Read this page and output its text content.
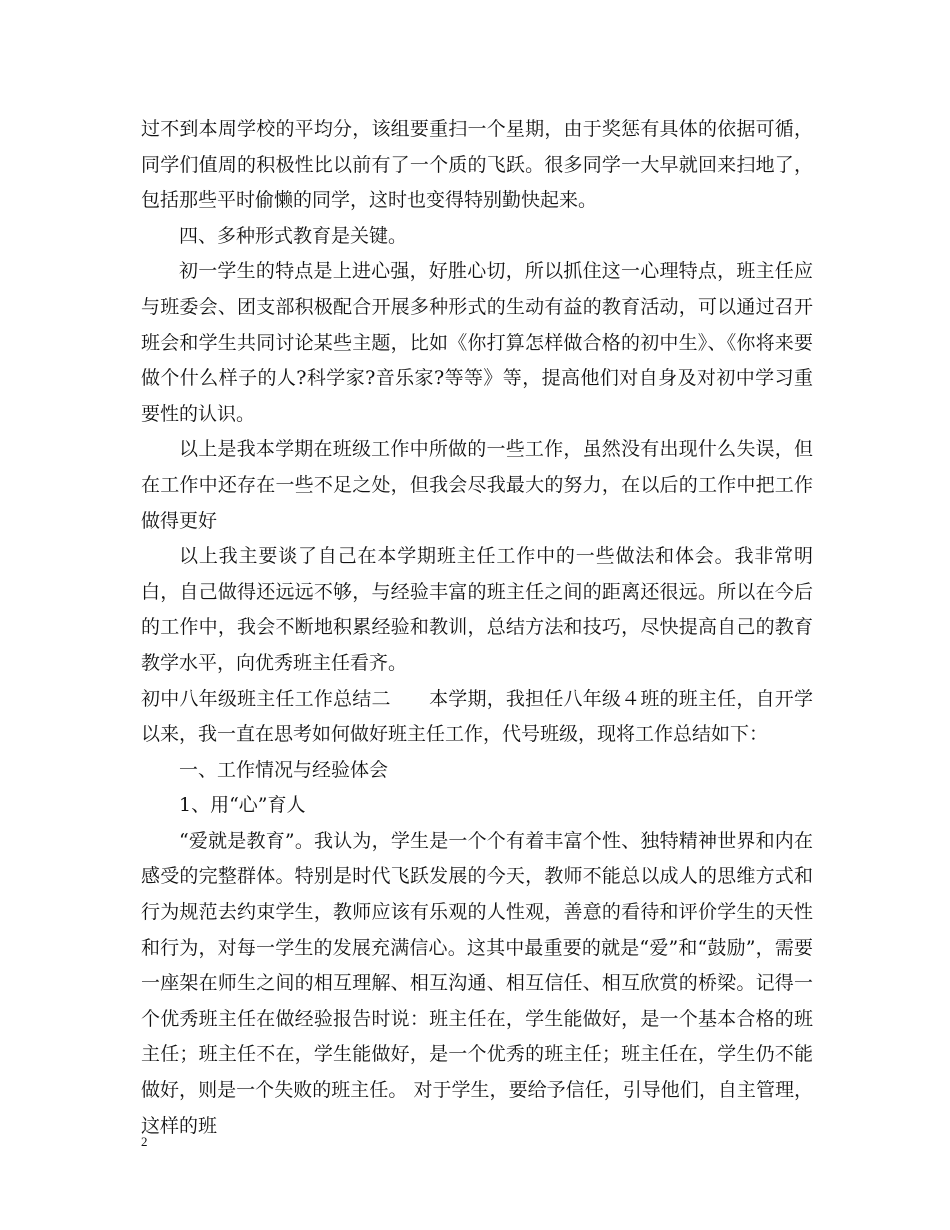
过不到本周学校的平均分，该组要重扫一个星期，由于奖惩有具体的依据可循，同学们值周的积极性比以前有了一个质的飞跃。很多同学一大早就回来扫地了，包括那些平时偷懒的同学，这时也变得特别勤快起来。

四、多种形式教育是关键。

初一学生的特点是上进心强，好胜心切，所以抓住这一心理特点，班主任应与班委会、团支部积极配合开展多种形式的生动有益的教育活动，可以通过召开班会和学生共同讨论某些主题，比如《你打算怎样做合格的初中生》、《你将来要做个什么样子的人?科学家?音乐家?等等》等，提高他们对自身及对初中学习重要性的认识。

以上是我本学期在班级工作中所做的一些工作，虽然没有出现什么失误，但在工作中还存在一些不足之处，但我会尽我最大的努力，在以后的工作中把工作做得更好

以上我主要谈了自己在本学期班主任工作中的一些做法和体会。我非常明白，自己做得还远远不够，与经验丰富的班主任之间的距离还很远。所以在今后的工作中，我会不断地积累经验和教训，总结方法和技巧，尽快提高自己的教育教学水平，向优秀班主任看齐。

初中八年级班主任工作总结二　　本学期，我担任八年级４班的班主任，自开学以来，我一直在思考如何做好班主任工作，代号班级，现将工作总结如下：

一、工作情况与经验体会

1、用“心”育人

“爱就是教育”。我认为，学生是一个个有着丰富个性、独特精神世界和内在感受的完整群体。特别是时代飞跃发展的今天，教师不能总以成人的思维方式和行为规范去约束学生，教师应该有乐观的人性观，善意的看待和评价学生的天性和行为，对每一学生的发展充满信心。这其中最重要的就是“爱”和“鼓励”，需要一座架在师生之间的相互理解、相互沟通、相互信任、相互欣赏的桥梁。记得一个优秀班主任在做经验报告时说：班主任在，学生能做好，是一个基本合格的班主任；班主任不在，学生能做好，是一个优秀的班主任；班主任在，学生仍不能做好，则是一个失败的班主任。 对于学生，要给予信任，引导他们，自主管理，这样的班

2
